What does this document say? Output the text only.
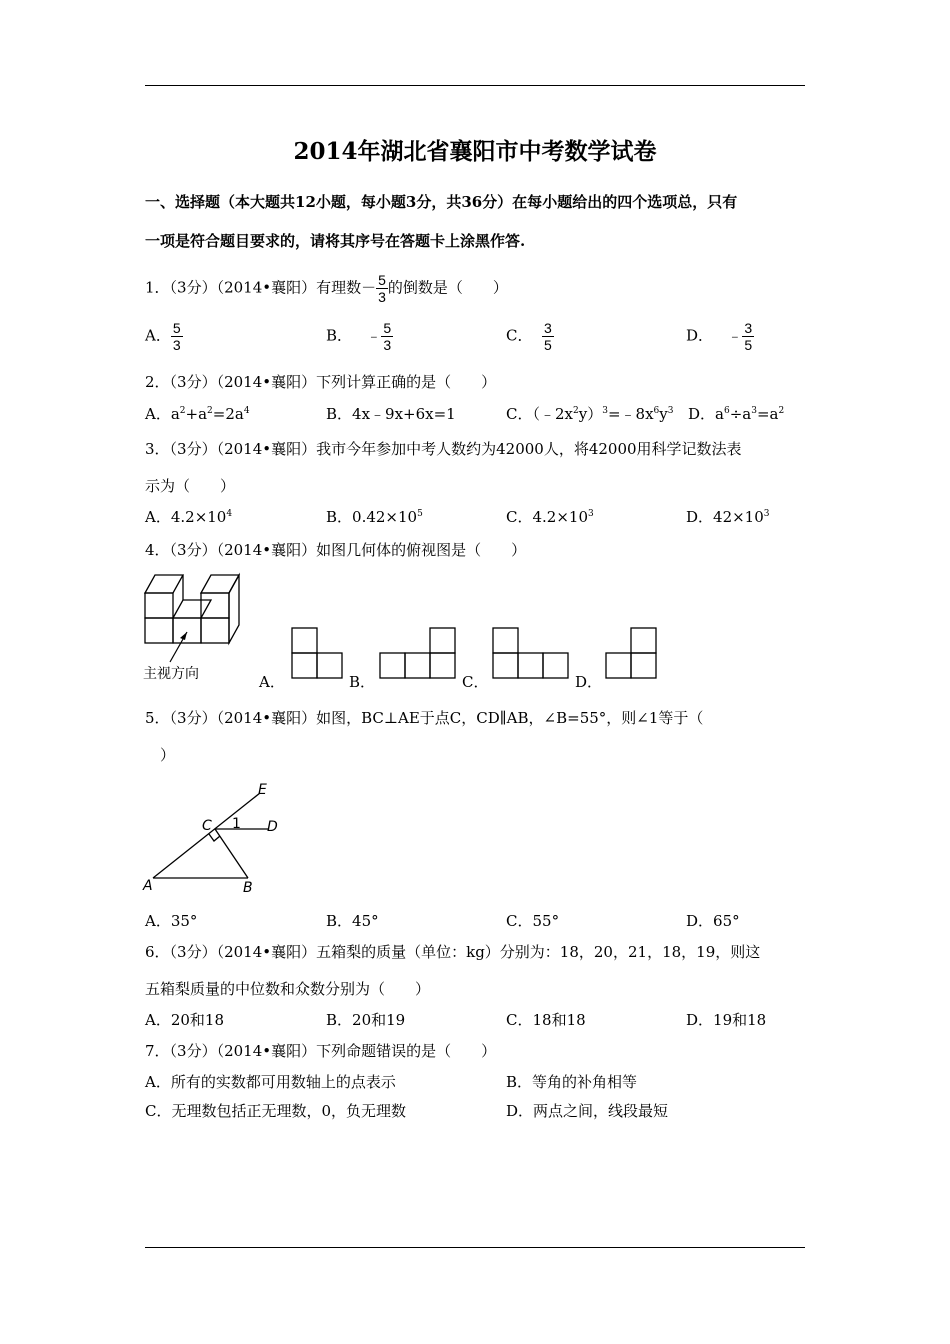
2014年湖北省襄阳市中考数学试卷
一、选择题（本大题共12小题，每小题3分，共36分）在每小题给出的四个选项总，只有
一项是符合题目要求的，请将其序号在答题卡上涂黑作答.
1．（3分）（2014•襄阳）有理数－ $\frac{5}{3}$ 的倒数是（　　）
A． $\frac{5}{3}$	B． ﹣ $\frac{5}{3}$	C． $\frac{3}{5}$	D． ﹣ $\frac{3}{5}$
2．（3分）（2014•襄阳）下列计算正确的是（　　）
A．$a^2+a^2=2a^4$	B．4x﹣9x+6x=1	C．$(﹣2x^2y)^3=﹣8x^6y^3$ D．$a^6\div a^3=a^2$
3．（3分）（2014•襄阳）我市今年参加中考人数约为42000人，将42000用科学记数法表
示为（　　）
A．$4.2\times 10^4$	B．$0.42\times 10^5$	C．$4.2\times 10^3$	D．$42\times 10^3$
4．（3分）（2014•襄阳）如图几何体的俯视图是（　　）
主视方向	A．	B．	C．	D．
5．（3分）（2014•襄阳）如图，BC⊥AE于点C，CD∥AB，∠B=55°，则∠1等于（
）
E
C	D
A	B
1
A．35°	B．45°	C．55°	D．65°
6．（3分）（2014•襄阳）五箱梨的质量（单位：kg）分别为：18，20，21，18，19，则这
五箱梨质量的中位数和众数分别为（　　）
A．20和18	B．20和19	C．18和18	D．19和18
7．（3分）（2014•襄阳）下列命题错误的是（　　）
A．所有的实数都可用数轴上的点表示	B．等角的补角相等
C．无理数包括正无理数，0，负无理数	D．两点之间，线段最短
